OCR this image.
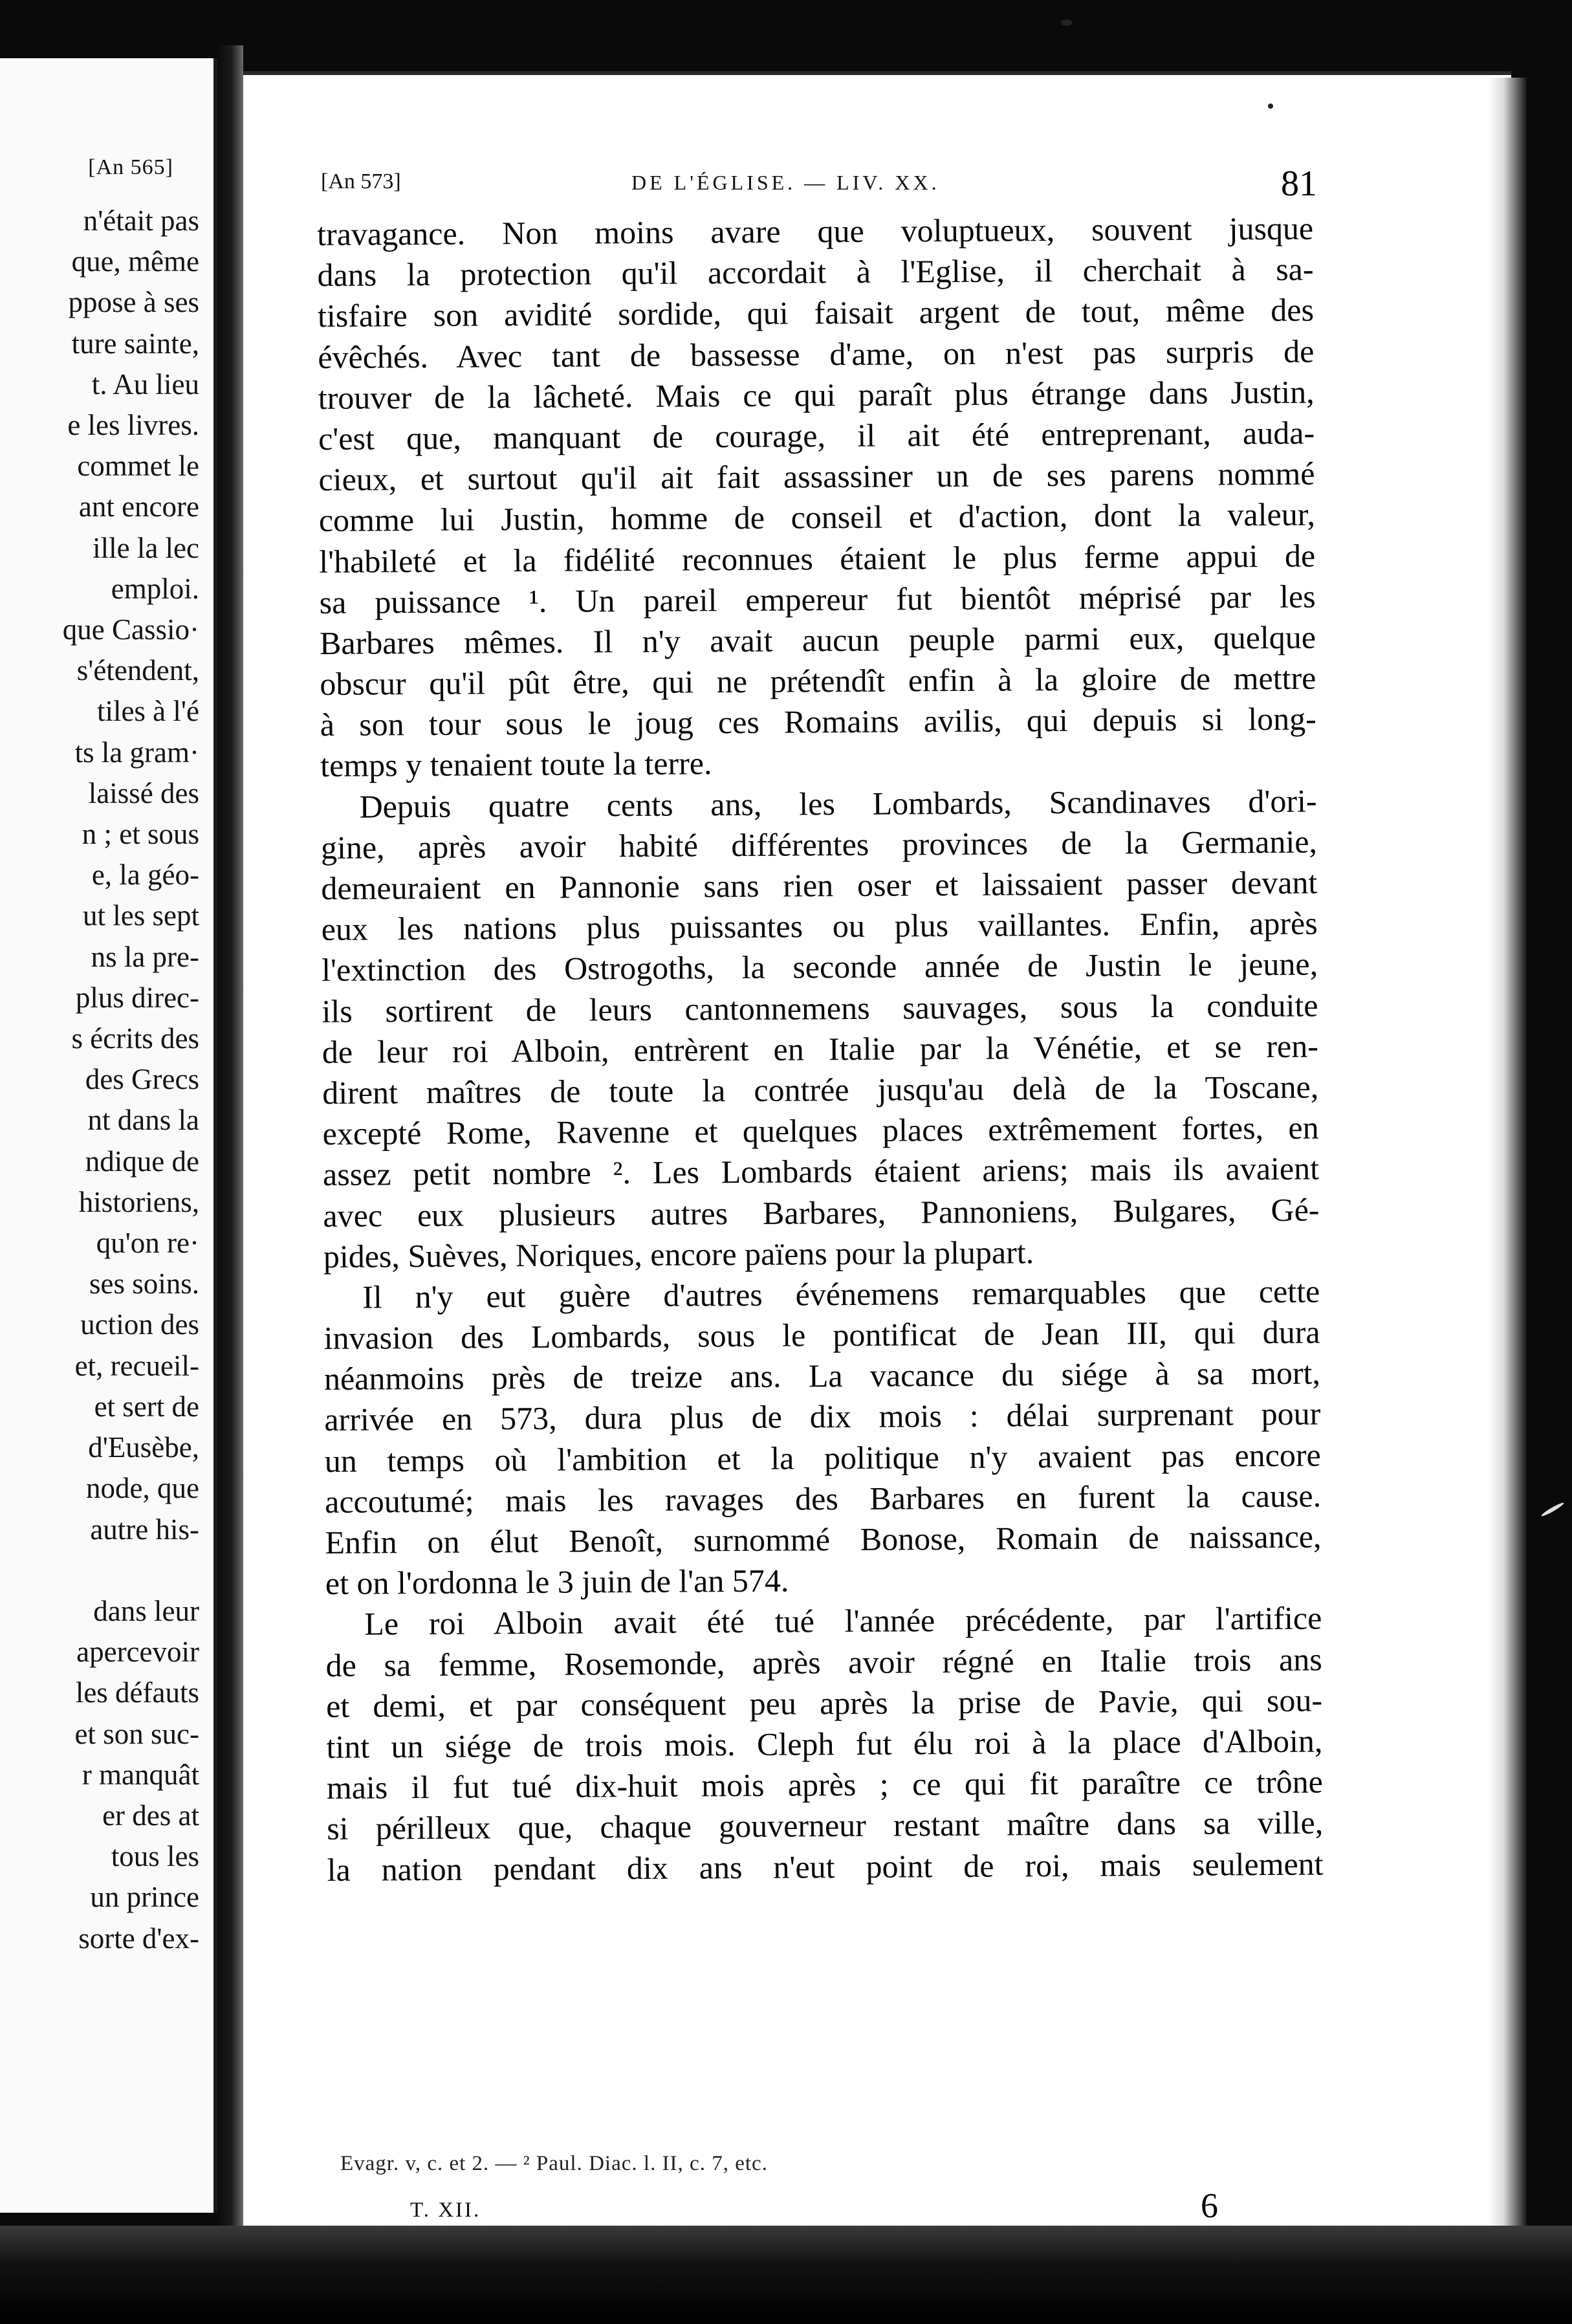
[An 565]

n'était pas
que, même
ppose à ses
ture sainte,
t. Au lieu
e les livres.
commet le
ant encore
ille la lec
emploi.
que Cassio·
s'étendent,
tiles à l'é
ts la gram·
laissé des
n ; et sous
e, la géo-
ut les sept
ns la pre-
plus direc-
s écrits des
des Grecs
nt dans la
ndique de
historiens,
qu'on re·
ses soins.
uction des
et, recueil-
et sert de
d'Eusèbe,
node, que
autre his-
dans leur
apercevoir
les défauts
et son suc-
r manquât
er des at
tous les
un prince
sorte d'ex-
[An 573]	DE L'ÉGLISE. — LIV. XX.	81
travagance. Non moins avare que voluptueux, souvent jusque
dans la protection qu'il accordait à l'Eglise, il cherchait à sa-
tisfaire son avidité sordide, qui faisait argent de tout, même des
évêchés. Avec tant de bassesse d'ame, on n'est pas surpris de
trouver de la lâcheté. Mais ce qui paraît plus étrange dans Justin,
c'est que, manquant de courage, il ait été entreprenant, auda-
cieux, et surtout qu'il ait fait assassiner un de ses parens nommé
comme lui Justin, homme de conseil et d'action, dont la valeur,
l'habileté et la fidélité reconnues étaient le plus ferme appui de
sa puissance ¹. Un pareil empereur fut bientôt méprisé par les
Barbares mêmes. Il n'y avait aucun peuple parmi eux, quelque
obscur qu'il pût être, qui ne prétendît enfin à la gloire de mettre
à son tour sous le joug ces Romains avilis, qui depuis si long-
temps y tenaient toute la terre.
Depuis quatre cents ans, les Lombards, Scandinaves d'ori-
gine, après avoir habité différentes provinces de la Germanie,
demeuraient en Pannonie sans rien oser et laissaient passer devant
eux les nations plus puissantes ou plus vaillantes. Enfin, après
l'extinction des Ostrogoths, la seconde année de Justin le jeune,
ils sortirent de leurs cantonnemens sauvages, sous la conduite
de leur roi Alboin, entrèrent en Italie par la Vénétie, et se ren-
dirent maîtres de toute la contrée jusqu'au delà de la Toscane,
excepté Rome, Ravenne et quelques places extrêmement fortes, en
assez petit nombre ². Les Lombards étaient ariens; mais ils avaient
avec eux plusieurs autres Barbares, Pannoniens, Bulgares, Gé-
pides, Suèves, Noriques, encore païens pour la plupart.
Il n'y eut guère d'autres événemens remarquables que cette
invasion des Lombards, sous le pontificat de Jean III, qui dura
néanmoins près de treize ans. La vacance du siége à sa mort,
arrivée en 573, dura plus de dix mois : délai surprenant pour
un temps où l'ambition et la politique n'y avaient pas encore
accoutumé; mais les ravages des Barbares en furent la cause.
Enfin on élut Benoît, surnommé Bonose, Romain de naissance,
et on l'ordonna le 3 juin de l'an 574.
Le roi Alboin avait été tué l'année précédente, par l'artifice
de sa femme, Rosemonde, après avoir régné en Italie trois ans
et demi, et par conséquent peu après la prise de Pavie, qui sou-
tint un siége de trois mois. Cleph fut élu roi à la place d'Alboin,
mais il fut tué dix-huit mois après ; ce qui fit paraître ce trône
si périlleux que, chaque gouverneur restant maître dans sa ville,
la nation pendant dix ans n'eut point de roi, mais seulement

Evagr. v, c. et 2. — ² Paul. Diac. l. II, c. 7, etc.

T. XII.	6
